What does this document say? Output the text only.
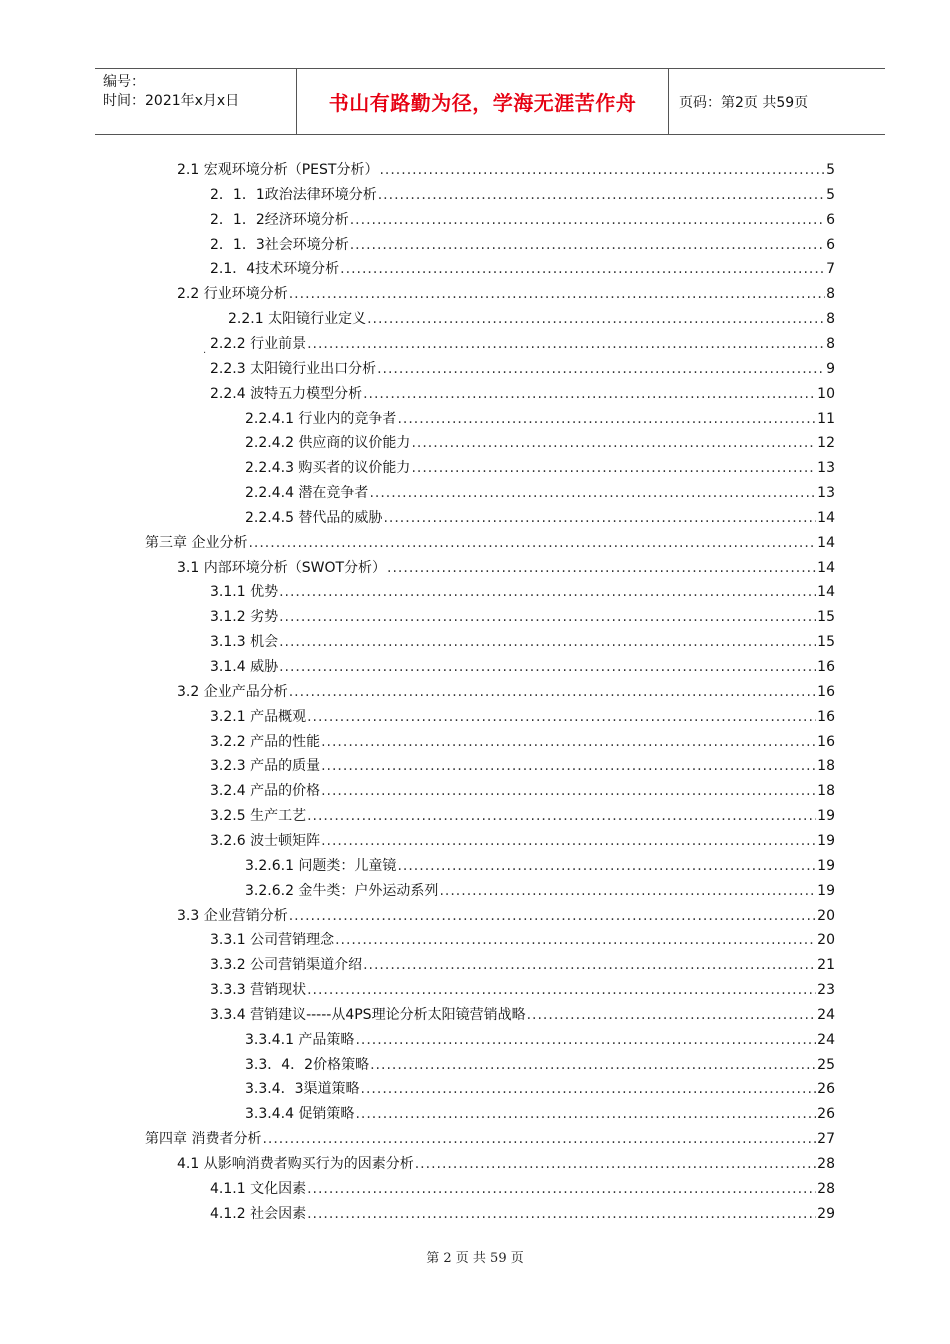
编号：
时间：2021年x月x日	书山有路勤为径，学海无涯苦作舟	页码：第2页 共59页
2.1 宏观环境分析（PEST分析） .....	5
2．1．1政治法律环境分析 .....	5
2．1．2经济环境分析 .....	6
2．1．3社会环境分析 .....	6
2.1．4技术环境分析 .....	7
2.2 行业环境分析 .....	8
2.2.1 太阳镜行业定义 .....	8
2.2.2 行业前景 .....	8
2.2.3 太阳镜行业出口分析 .....	9
2.2.4 波特五力模型分析 .....	10
2.2.4.1 行业内的竞争者 .....	11
2.2.4.2 供应商的议价能力 .....	12
2.2.4.3 购买者的议价能力 .....	13
2.2.4.4 潜在竞争者 .....	13
2.2.4.5 替代品的威胁 .....	14
第三章 企业分析 .....	14
3.1 内部环境分析（SWOT分析） .....	14
3.1.1 优势 .....	14
3.1.2 劣势 .....	15
3.1.3 机会 .....	15
3.1.4 威胁 .....	16
3.2 企业产品分析 .....	16
3.2.1 产品概观 .....	16
3.2.2 产品的性能 .....	16
3.2.3 产品的质量 .....	18
3.2.4 产品的价格 .....	18
3.2.5 生产工艺 .....	19
3.2.6 波士顿矩阵 .....	19
3.2.6.1 问题类：儿童镜 .....	19
3.2.6.2 金牛类：户外运动系列 .....	19
3.3 企业营销分析 .....	20
3.3.1 公司营销理念 .....	20
3.3.2 公司营销渠道介绍 .....	21
3.3.3 营销现状 .....	23
3.3.4 营销建议-----从4PS理论分析太阳镜营销战略 .....	24
3.3.4.1 产品策略 .....	24
3.3．4．2价格策略 .....	25
3.3.4．3渠道策略 .....	26
3.3.4.4 促销策略 .....	26
第四章 消费者分析 .....	27
4.1 从影响消费者购买行为的因素分析 .....	28
4.1.1 文化因素 .....	28
4.1.2 社会因素 .....	29
.
第 2 页 共 59 页
